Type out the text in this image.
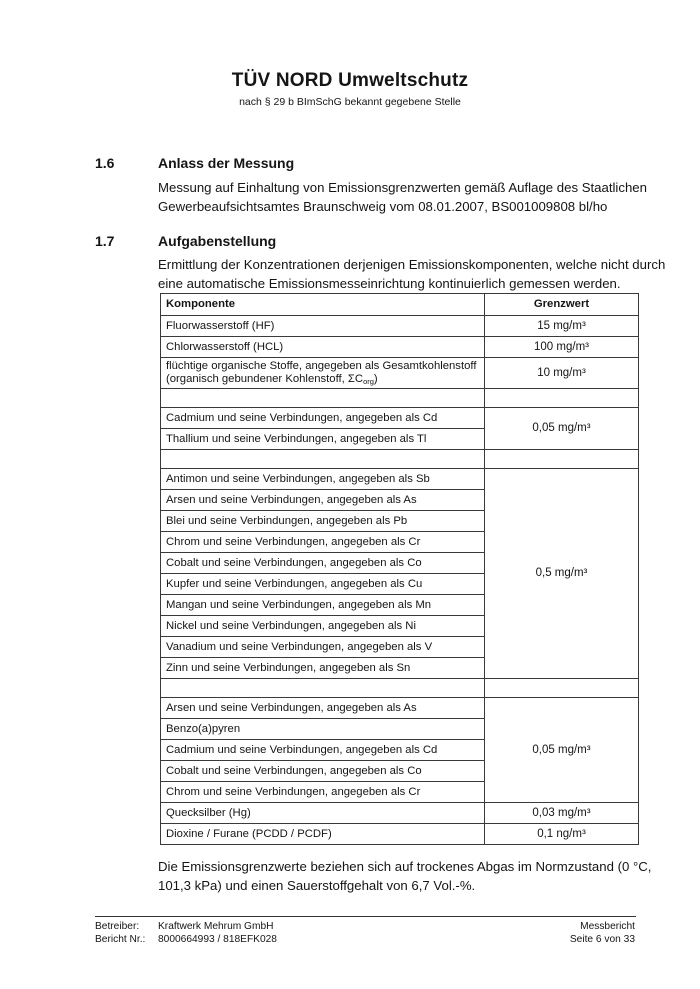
TÜV NORD Umweltschutz
nach § 29 b BImSchG bekannt gegebene Stelle
1.6	Anlass der Messung
Messung auf Einhaltung von Emissionsgrenzwerten gemäß Auflage des Staatlichen
Gewerbeaufsichtsamtes Braunschweig vom 08.01.2007, BS001009808 bl/ho
1.7	Aufgabenstellung
Ermittlung der Konzentrationen derjenigen Emissionskomponenten, welche nicht durch
eine automatische Emissionsmesseinrichtung kontinuierlich gemessen werden.
Komponente	Grenzwert
Fluorwasserstoff (HF)	15 mg/m³
Chlorwasserstoff (HCL)	100 mg/m³

flüchtige organische Stoffe, angegeben als Gesamtkohlenstoff
(organisch gebundener Kohlenstoff, $\Sigma C_{org}$)	10 mg/m³

Cadmium und seine Verbindungen, angegeben als Cd	0,05 mg/m³
Thallium und seine Verbindungen, angegeben als Tl	

Antimon und seine Verbindungen, angegeben als Sb	0,5 mg/m³
Arsen und seine Verbindungen, angegeben als As	
Blei und seine Verbindungen, angegeben als Pb	
Chrom und seine Verbindungen, angegeben als Cr	
Cobalt und seine Verbindungen, angegeben als Co	
Kupfer und seine Verbindungen, angegeben als Cu	
Mangan und seine Verbindungen, angegeben als Mn	
Nickel und seine Verbindungen, angegeben als Ni	
Vanadium und seine Verbindungen, angegeben als V	
Zinn und seine Verbindungen, angegeben als Sn	

Arsen und seine Verbindungen, angegeben als As	0,05 mg/m³
Benzo(a)pyren	
Cadmium und seine Verbindungen, angegeben als Cd	
Cobalt und seine Verbindungen, angegeben als Co	
Chrom und seine Verbindungen, angegeben als Cr	
Quecksilber (Hg)	0,03 mg/m³
Dioxine / Furane (PCDD / PCDF)	0,1 ng/m³
Die Emissionsgrenzwerte beziehen sich auf trockenes Abgas im Normzustand (0 °C,
101,3 kPa) und einen Sauerstoffgehalt von 6,7 Vol.-%.
Betreiber:
Bericht Nr.:
Kraftwerk Mehrum GmbH
8000664993 / 818EFK028
Messbericht
Seite 6 von 33
